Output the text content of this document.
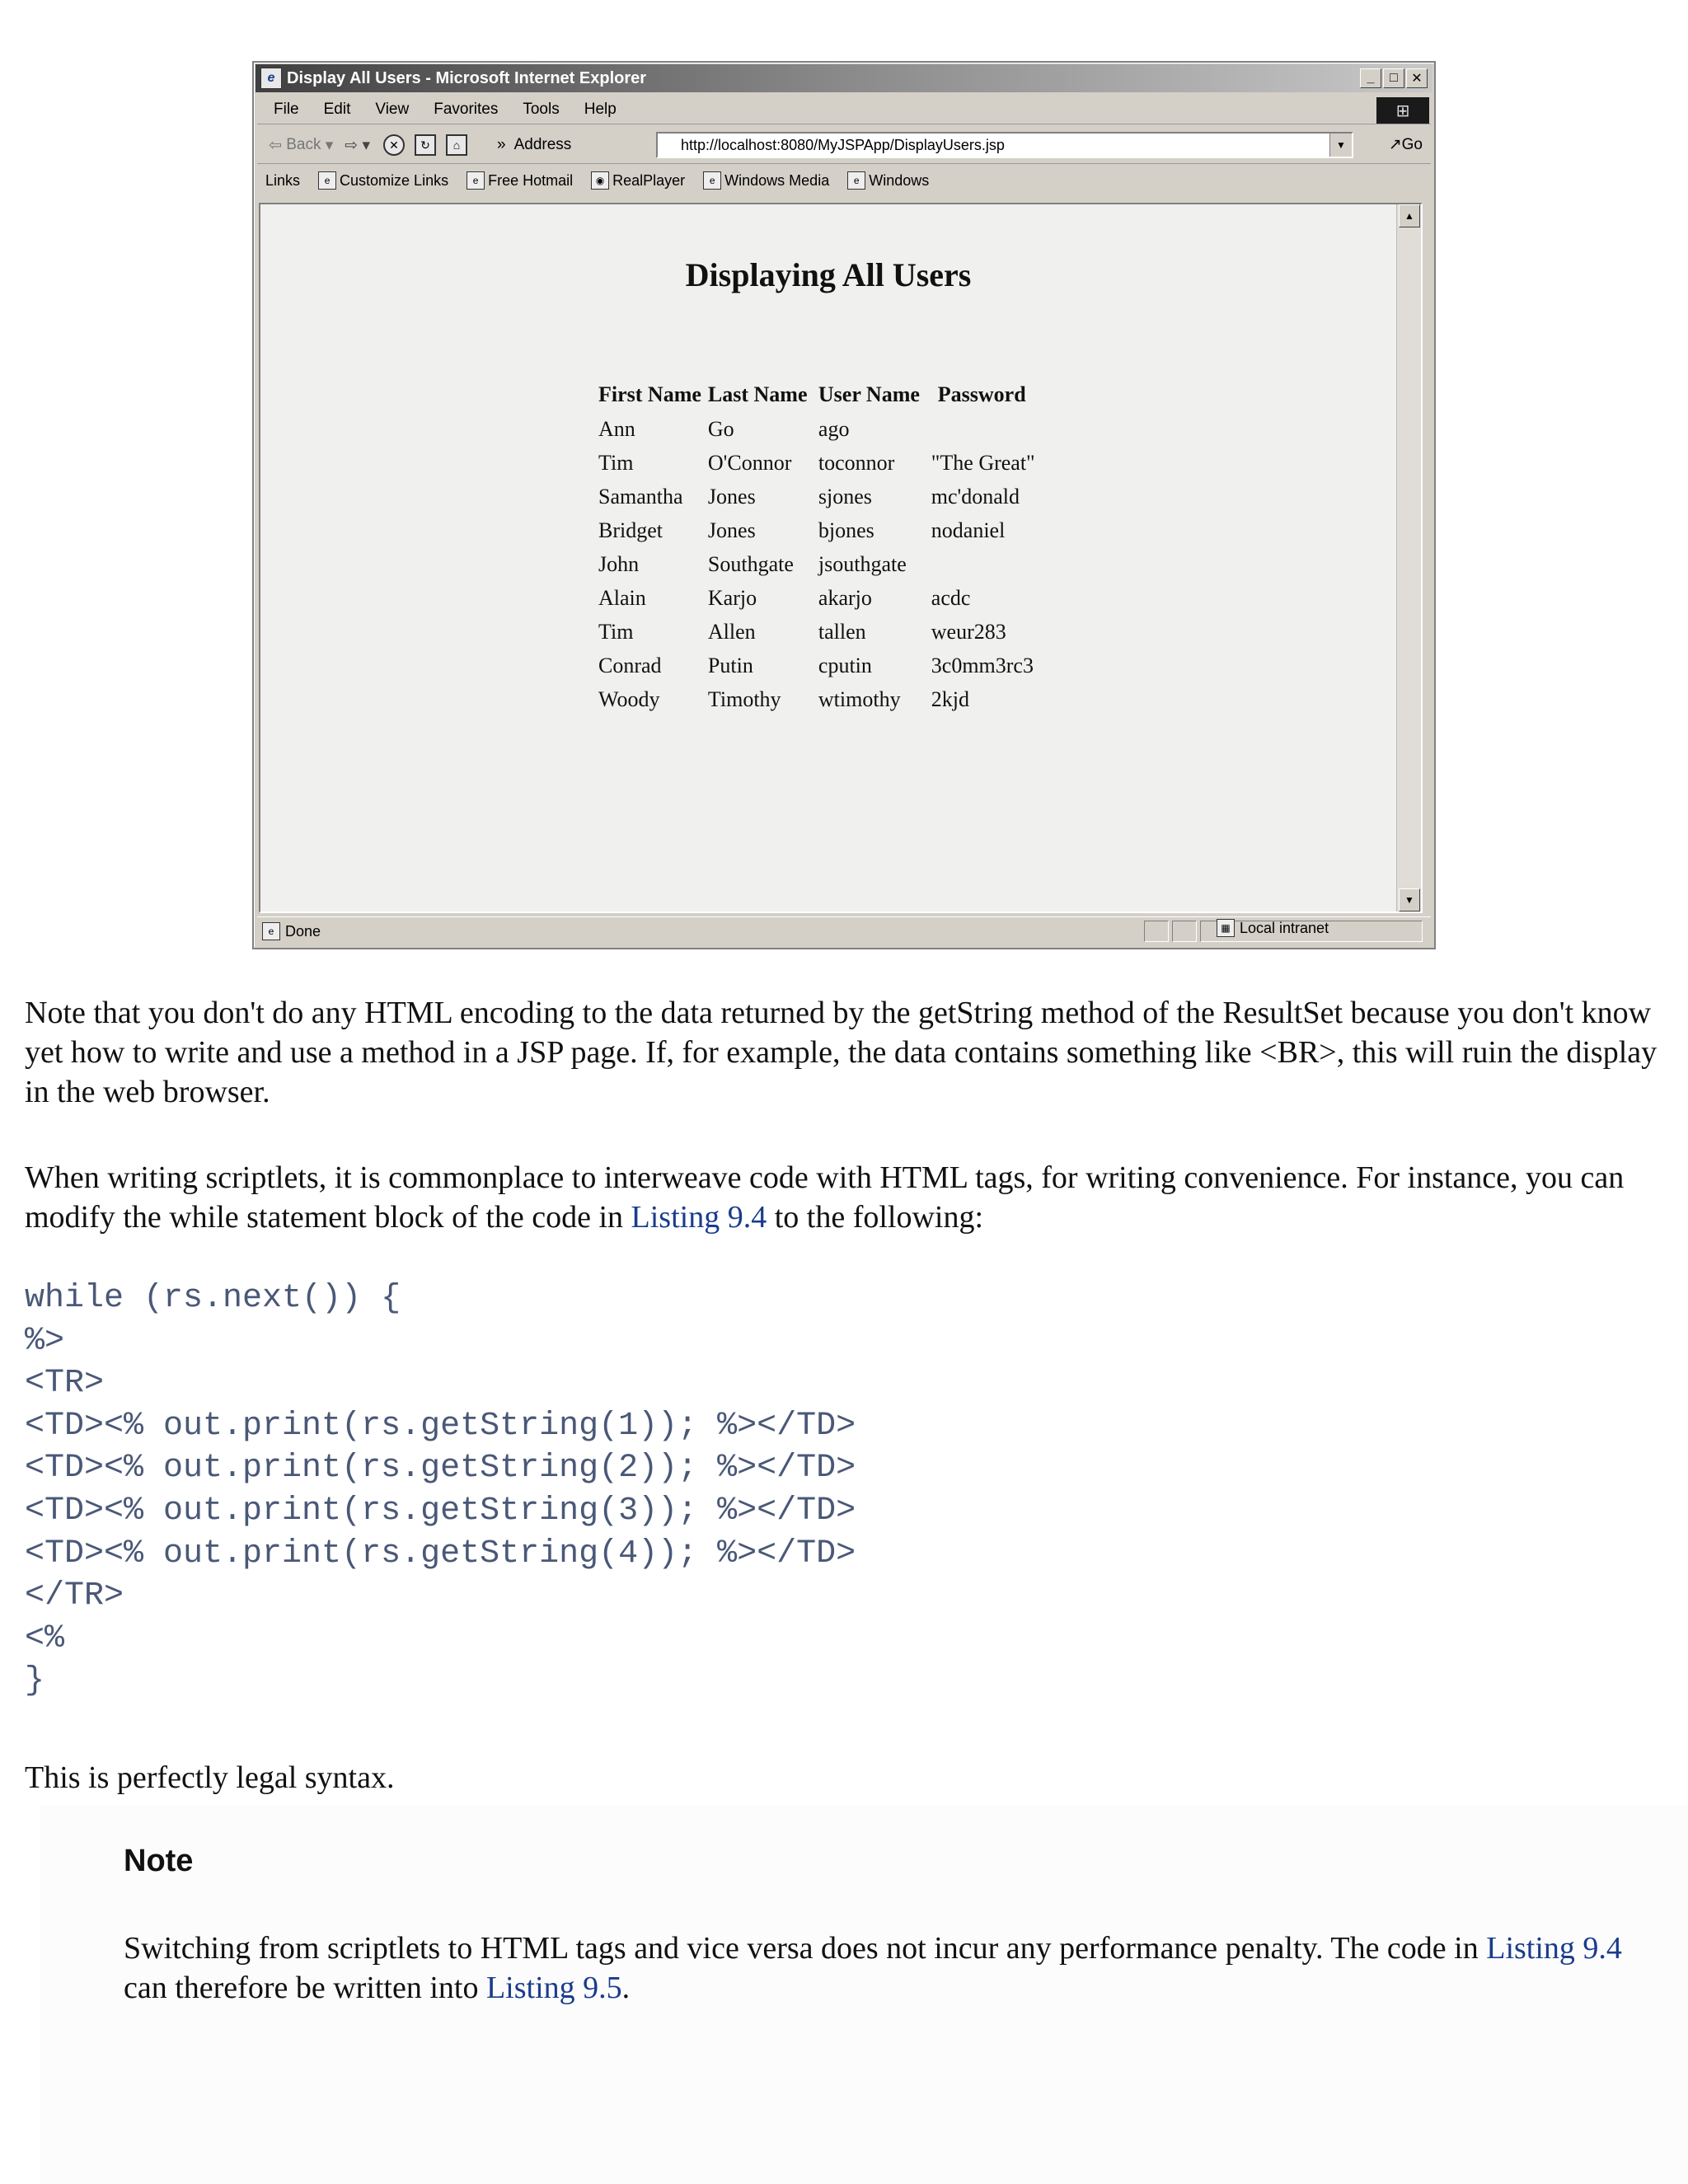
e Display All Users - Microsoft Internet Explorer	_	□	✕
File Edit View Favorites Tools Help	⊞
⇦ Back ▾ ⇨ ▾	✕	↻	⌂	» Address	http://localhost:8080/MyJSPApp/DisplayUsers.jsp	▼	↗ Go
Links	e Customize Links	e Free Hotmail	◉ RealPlayer	e Windows Media	e Windows
Displaying All Users
First Name	Last Name	User Name	Password
Ann	Go	ago	
Tim	O'Connor	toconnor	"The Great"
Samantha	Jones	sjones	mc'donald
Bridget	Jones	bjones	nodaniel
John	Southgate	jsouthgate	
Alain	Karjo	akarjo	acdc
Tim	Allen	tallen	weur283
Conrad	Putin	cputin	3c0mm3rc3
Woody	Timothy	wtimothy	2kjd
▲
▼
e Done	▦ Local intranet
Note that you don't do any HTML encoding to the data returned by the getString method of the ResultSet because you don't know yet how to write and use a method in a JSP page. If, for example, the data contains something like <BR>, this will ruin the display in the web browser.
When writing scriptlets, it is commonplace to interweave code with HTML tags, for writing convenience. For instance, you can modify the while statement block of the code in Listing 9.4 to the following:
while (rs.next()) {
%>
<TR>
<TD><% out.print(rs.getString(1)); %></TD>
<TD><% out.print(rs.getString(2)); %></TD>
<TD><% out.print(rs.getString(3)); %></TD>
<TD><% out.print(rs.getString(4)); %></TD>
</TR>
<%
}
This is perfectly legal syntax.
Note
Switching from scriptlets to HTML tags and vice versa does not incur any performance penalty. The code in Listing 9.4 can therefore be written into Listing 9.5.
